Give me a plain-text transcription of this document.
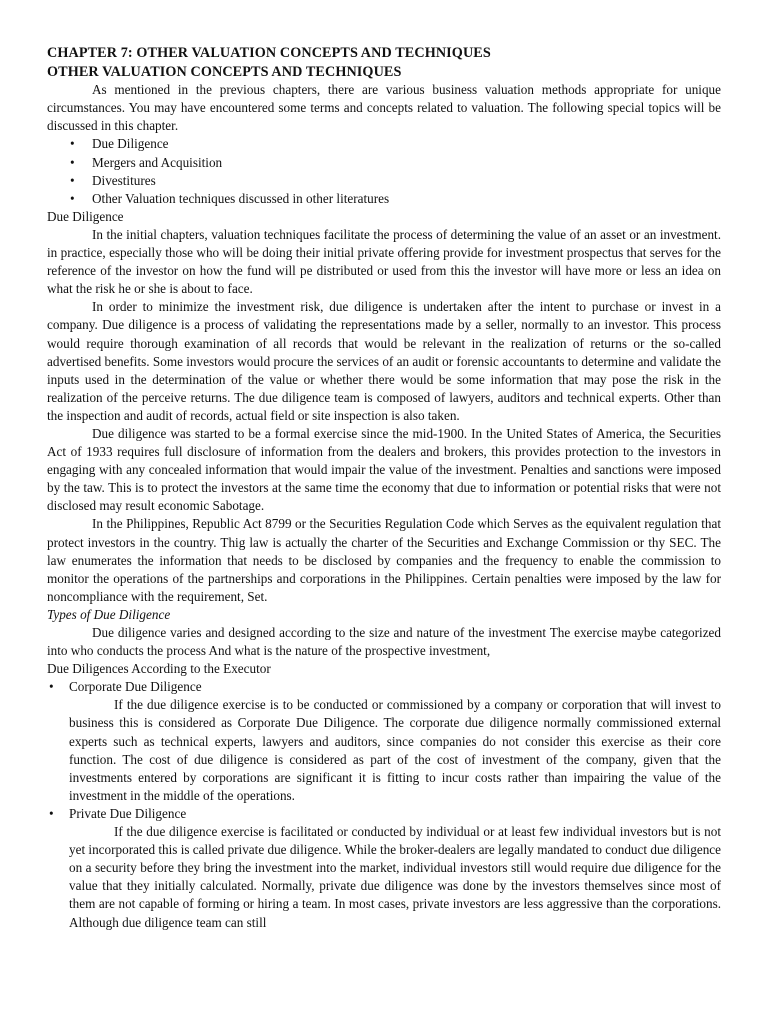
CHAPTER 7: OTHER VALUATION CONCEPTS AND TECHNIQUES
OTHER VALUATION CONCEPTS AND TECHNIQUES

As mentioned in the previous chapters, there are various business valuation methods appropriate for unique circumstances. You may have encountered some terms and concepts related to valuation. The following special topics will be discussed in this chapter.

• Due Diligence
• Mergers and Acquisition
• Divestitures
• Other Valuation techniques discussed in other literatures
Due Diligence

In the initial chapters, valuation techniques facilitate the process of determining the value of an asset or an investment. in practice, especially those who will be doing their initial private offering provide for investment prospectus that serves for the reference of the investor on how the fund will pe distributed or used from this the investor will have more or less an idea on what the risk he or she is about to face.

In order to minimize the investment risk, due diligence is undertaken after the intent to purchase or invest in a company. Due diligence is a process of validating the representations made by a seller, normally to an investor. This process would require thorough examination of all records that would be relevant in the realization of returns or the so-called advertised benefits. Some investors would procure the services of an audit or forensic accountants to determine and validate the inputs used in the determination of the value or whether there would be some information that may pose the risk in the realization of the perceive returns. The due diligence team is composed of lawyers, auditors and technical experts. Other than the inspection and audit of records, actual field or site inspection is also taken.

Due diligence was started to be a formal exercise since the mid-1900. In the United States of America, the Securities Act of 1933 requires full disclosure of information from the dealers and brokers, this provides protection to the investors in engaging with any concealed information that would impair the value of the investment. Penalties and sanctions were imposed by the taw. This is to protect the investors at the same time the economy that due to information or potential risks that were not disclosed may result economic Sabotage.

In the Philippines, Republic Act 8799 or the Securities Regulation Code which Serves as the equivalent regulation that protect investors in the country. Thig law is actually the charter of the Securities and Exchange Commission or thy SEC. The law enumerates the information that needs to be disclosed by companies and the frequency to enable the commission to monitor the operations of the partnerships and corporations in the Philippines. Certain penalties were imposed by the law for noncompliance with the requirement, Set.

Types of Due Diligence

Due diligence varies and designed according to the size and nature of the investment The exercise maybe categorized into who conducts the process And what is the nature of the prospective investment,

Due Diligences According to the Executor
• Corporate Due Diligence

If the due diligence exercise is to be conducted or commissioned by a company or corporation that will invest to business this is considered as Corporate Due Diligence. The corporate due diligence normally commissioned external experts such as technical experts, lawyers and auditors, since companies do not consider this exercise as their core function. The cost of due diligence is considered as part of the cost of investment of the company, given that the investments entered by corporations are significant it is fitting to incur costs rather than impairing the value of the investment in the middle of the operations.

• Private Due Diligence

If the due diligence exercise is facilitated or conducted by individual or at least few individual investors but is not yet incorporated this is called private due diligence. While the broker-dealers are legally mandated to conduct due diligence on a security before they bring the investment into the market, individual investors still would require due diligence for the value that they initially calculated. Normally, private due diligence was done by the investors themselves since most of them are not capable of forming or hiring a team. In most cases, private investors are less aggressive than the corporations. Although due diligence team can still
